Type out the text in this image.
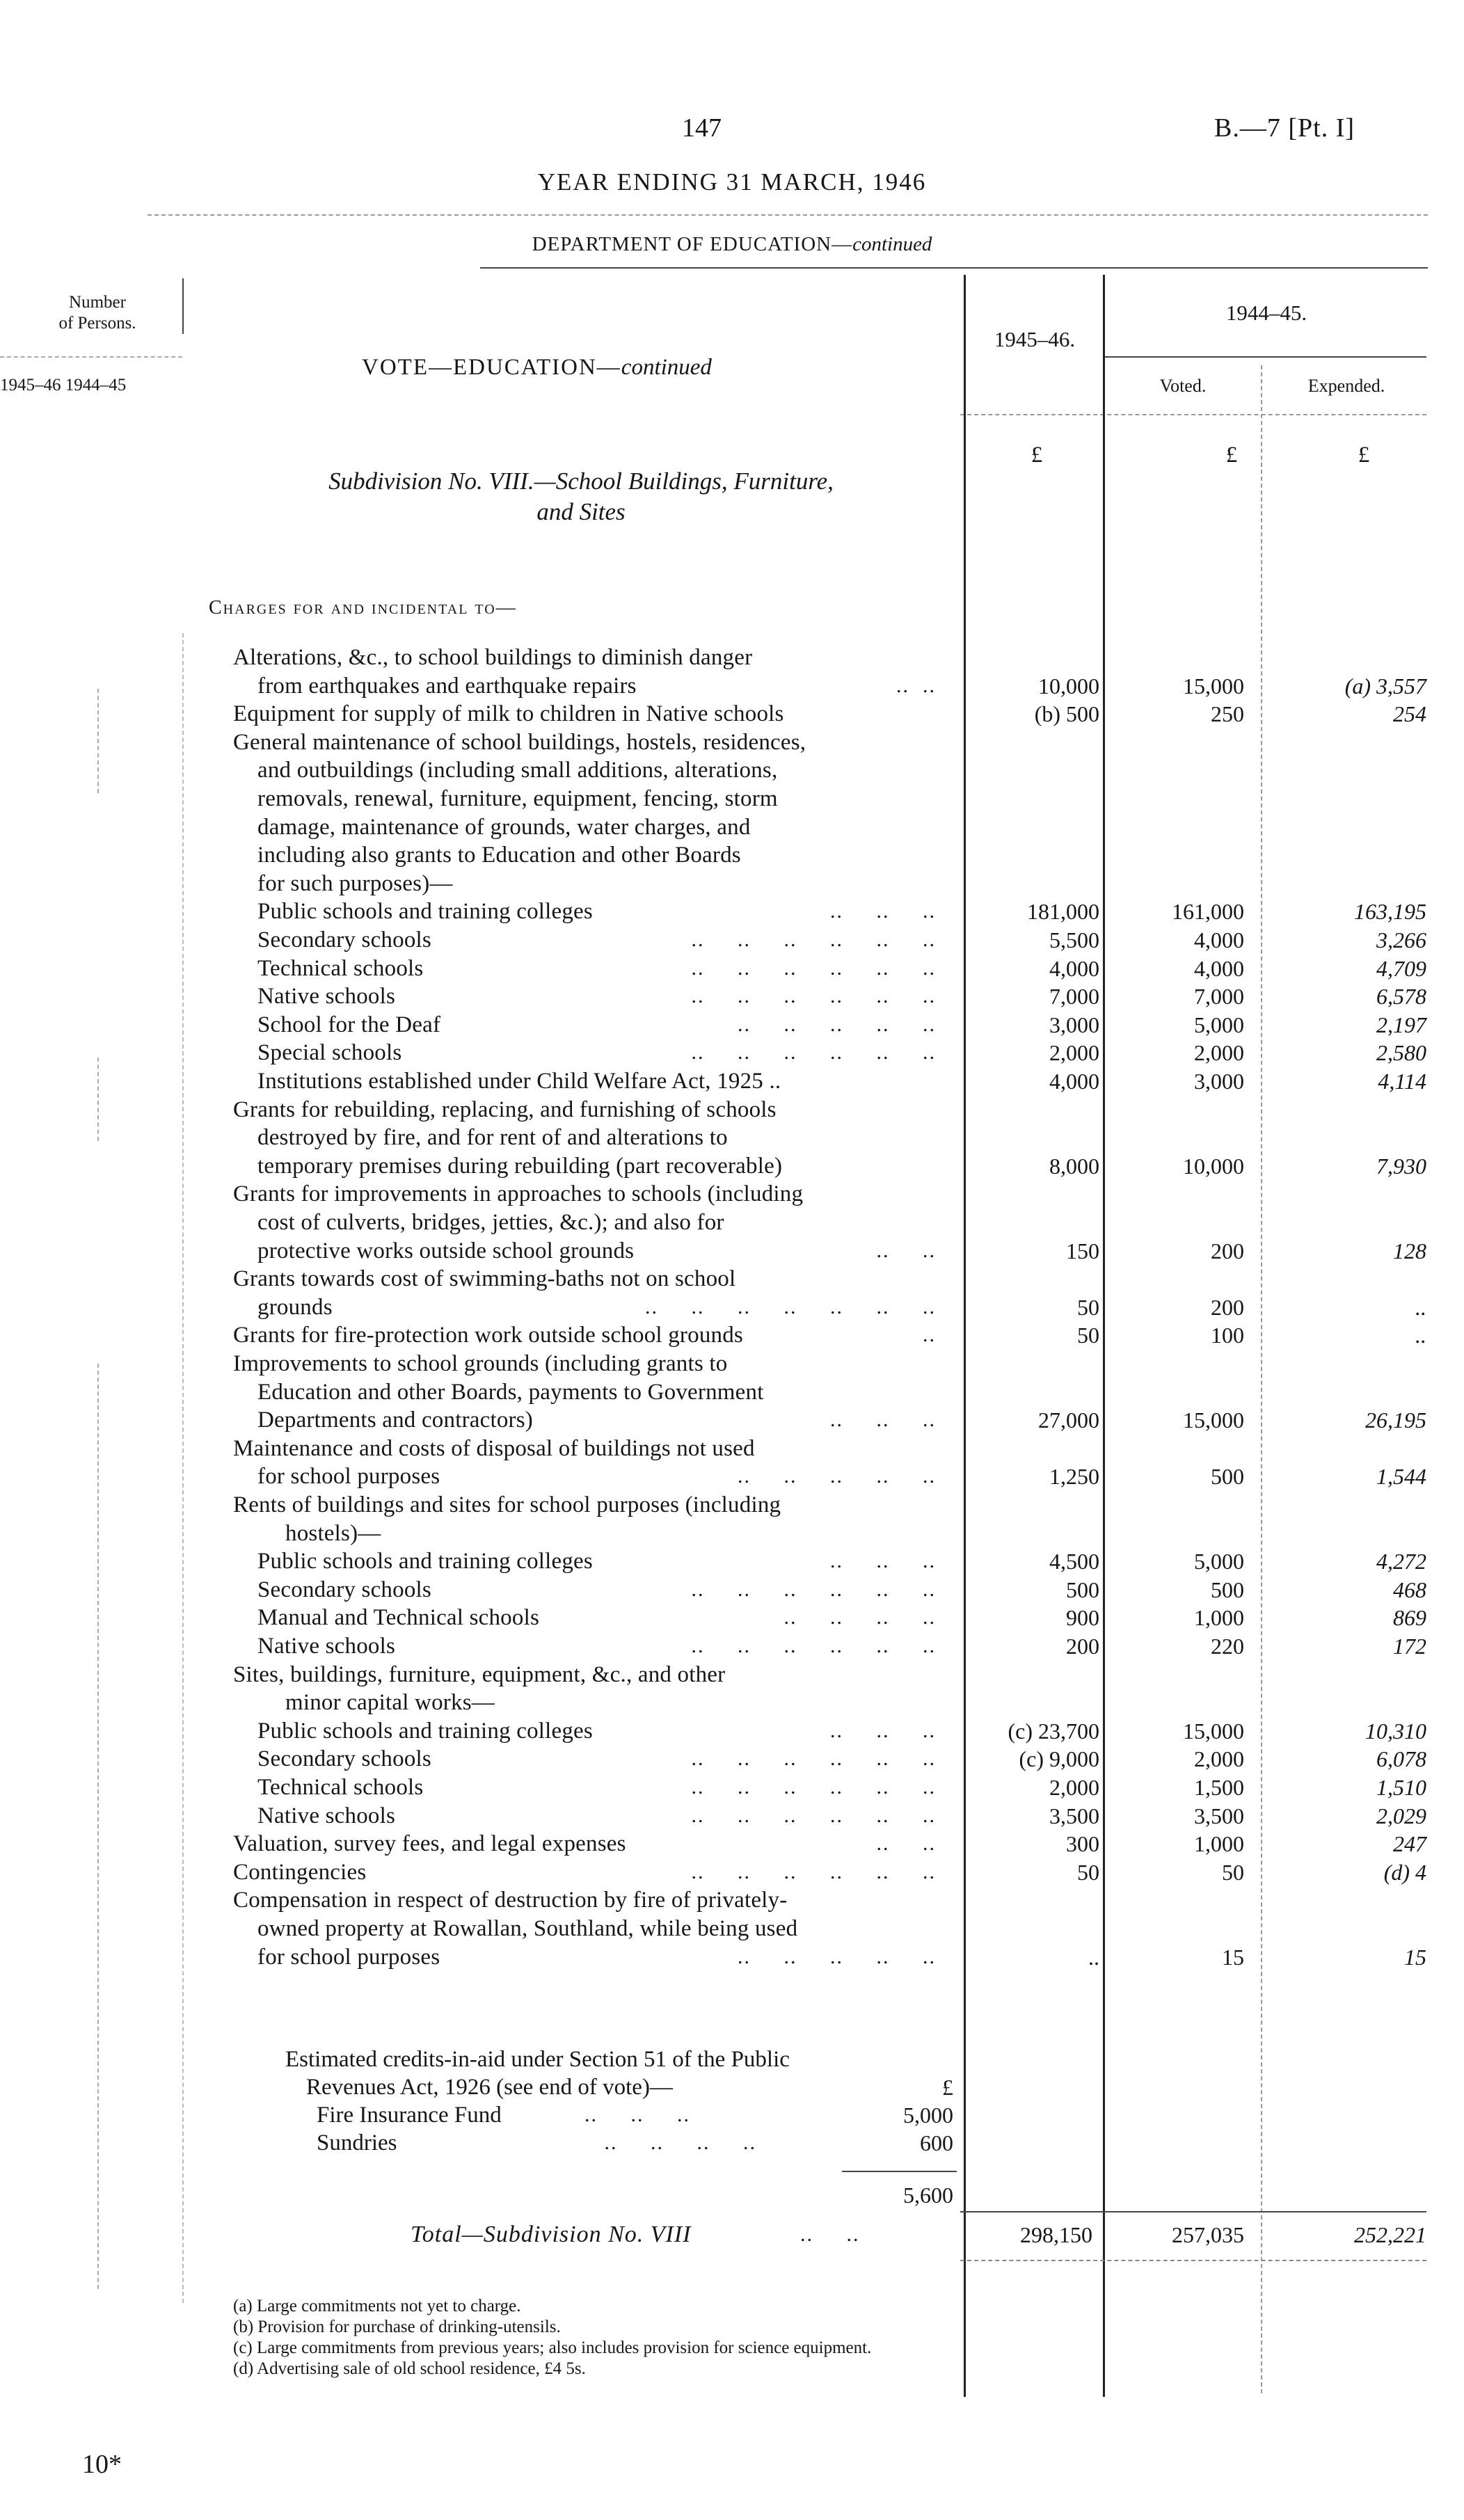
147	B.—7 [Pt. I]
YEAR ENDING 31 MARCH, 1946
DEPARTMENT OF EDUCATION—continued
Number
of Persons.
1945–46 1944–45
VOTE—EDUCATION—continued
1945–46.
1944–45.
Voted.	Expended.
£	£	£
Subdivision No. VIII.—School Buildings, Furniture,
and Sites
Charges for and incidental to—
Alterations, &c., to school buildings to diminish danger
from earthquakes and earthquake repairs	..  ..	10,000	15,000	(a) 3,557
Equipment for supply of milk to children in Native schools	(b) 500	250	254
General maintenance of school buildings, hostels, residences,
and outbuildings (including small additions, alterations,
removals, renewal, furniture, equipment, fencing, storm
damage, maintenance of grounds, water charges, and
including also grants to Education and other Boards
for such purposes)—
Public schools and training colleges	..     ..     ..	181,000	161,000	163,195
Secondary schools	..     ..     ..     ..     ..     ..	5,500	4,000	3,266
Technical schools	..     ..     ..     ..     ..     ..	4,000	4,000	4,709
Native schools	..     ..     ..     ..     ..     ..	7,000	7,000	6,578
School for the Deaf	..     ..     ..     ..     ..	3,000	5,000	2,197
Special schools	..     ..     ..     ..     ..     ..	2,000	2,000	2,580
Institutions established under Child Welfare Act, 1925 ..	4,000	3,000	4,114
Grants for rebuilding, replacing, and furnishing of schools
destroyed by fire, and for rent of and alterations to
temporary premises during rebuilding (part recoverable)	8,000	10,000	7,930
Grants for improvements in approaches to schools (including
cost of culverts, bridges, jetties, &c.); and also for
protective works outside school grounds	..     ..	150	200	128
Grants towards cost of swimming-baths not on school
grounds	..     ..     ..     ..     ..     ..     ..	50	200	..
Grants for fire-protection work outside school grounds	..	50	100	..
Improvements to school grounds (including grants to
Education and other Boards, payments to Government
Departments and contractors)	..     ..     ..	27,000	15,000	26,195
Maintenance and costs of disposal of buildings not used
for school purposes	..     ..     ..     ..     ..	1,250	500	1,544
Rents of buildings and sites for school purposes (including
hostels)—
Public schools and training colleges	..     ..     ..	4,500	5,000	4,272
Secondary schools	..     ..     ..     ..     ..     ..	500	500	468
Manual and Technical schools	..     ..     ..     ..	900	1,000	869
Native schools	..     ..     ..     ..     ..     ..	200	220	172
Sites, buildings, furniture, equipment, &c., and other
minor capital works—
Public schools and training colleges	..     ..     ..	(c) 23,700	15,000	10,310
Secondary schools	..     ..     ..     ..     ..     ..	(c) 9,000	2,000	6,078
Technical schools	..     ..     ..     ..     ..     ..	2,000	1,500	1,510
Native schools	..     ..     ..     ..     ..     ..	3,500	3,500	2,029
Valuation, survey fees, and legal expenses	..     ..	300	1,000	247
Contingencies	..     ..     ..     ..     ..     ..	50	50	(d) 4
Compensation in respect of destruction by fire of privately-
owned property at Rowallan, Southland, while being used
for school purposes	..     ..     ..     ..     ..	..	15	15
Estimated credits-in-aid under Section 51 of the Public
Revenues Act, 1926 (see end of vote)—	£
Fire Insurance Fund	..     ..     ..	5,000
Sundries	..     ..     ..     ..	600
5,600
Total—Subdivision No. VIII	..     ..	298,150	257,035	252,221
(a) Large commitments not yet to charge.
(b) Provision for purchase of drinking-utensils.
(c) Large commitments from previous years; also includes provision for science equipment.
(d) Advertising sale of old school residence, £4 5s.
10*
